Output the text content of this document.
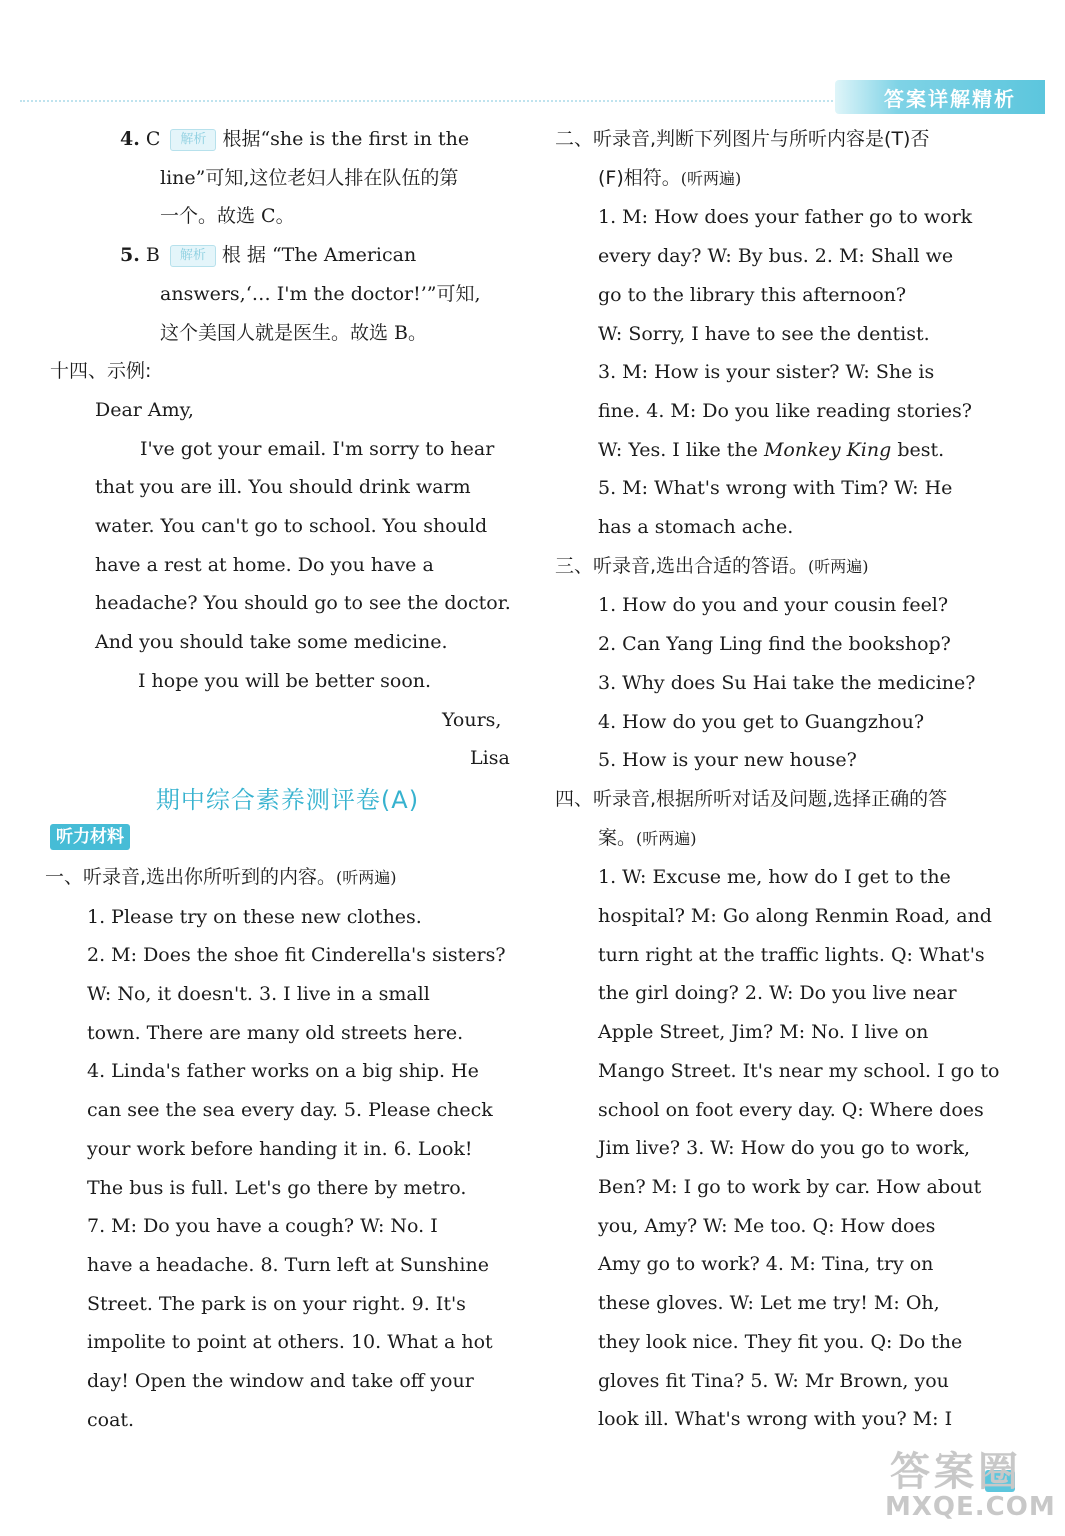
答案详解精析
4. C 解析 根据“she is the first in the
line”可知,这位老妇人排在队伍的第
一个。故选 C。
5. B 解析 根 据 “The American
answers,‘… I'm the doctor!’”可知,
这个美国人就是医生。故选 B。
十四、示例:
Dear Amy,
I've got your email. I'm sorry to hear
that you are ill. You should drink warm
water. You can't go to school. You should
have a rest at home. Do you have a
headache? You should go to see the doctor.
And you should take some medicine.
I hope you will be better soon.
Yours,
Lisa
期中综合素养测评卷(A)
听力材料
一、听录音,选出你所听到的内容。(听两遍)
1. Please try on these new clothes.
2. M: Does the shoe fit Cinderella's sisters?
W: No, it doesn't. 3. I live in a small
town. There are many old streets here.
4. Linda's father works on a big ship. He
can see the sea every day. 5. Please check
your work before handing it in. 6. Look!
The bus is full. Let's go there by metro.
7. M: Do you have a cough? W: No. I
have a headache. 8. Turn left at Sunshine
Street. The park is on your right. 9. It's
impolite to point at others. 10. What a hot
day! Open the window and take off your
coat.
二、听录音,判断下列图片与所听内容是(T)否
(F)相符。(听两遍)
1. M: How does your father go to work
every day? W: By bus. 2. M: Shall we
go to the library this afternoon?
W: Sorry, I have to see the dentist.
3. M: How is your sister? W: She is
fine. 4. M: Do you like reading stories?
W: Yes. I like the Monkey King best.
5. M: What's wrong with Tim? W: He
has a stomach ache.
三、听录音,选出合适的答语。(听两遍)
1. How do you and your cousin feel?
2. Can Yang Ling find the bookshop?
3. Why does Su Hai take the medicine?
4. How do you get to Guangzhou?
5. How is your new house?
四、听录音,根据所听对话及问题,选择正确的答
案。(听两遍)
1. W: Excuse me, how do I get to the
hospital? M: Go along Renmin Road, and
turn right at the traffic lights. Q: What's
the girl doing? 2. W: Do you live near
Apple Street, Jim? M: No. I live on
Mango Street. It's near my school. I go to
school on foot every day. Q: Where does
Jim live? 3. W: How do you go to work,
Ben? M: I go to work by car. How about
you, Amy? W: Me too. Q: How does
Amy go to work? 4. M: Tina, try on
these gloves. W: Let me try! M: Oh,
they look nice. They fit you. Q: Do the
gloves fit Tina? 5. W: Mr Brown, you
look ill. What's wrong with you? M: I
答案圈
MXQE.COM
